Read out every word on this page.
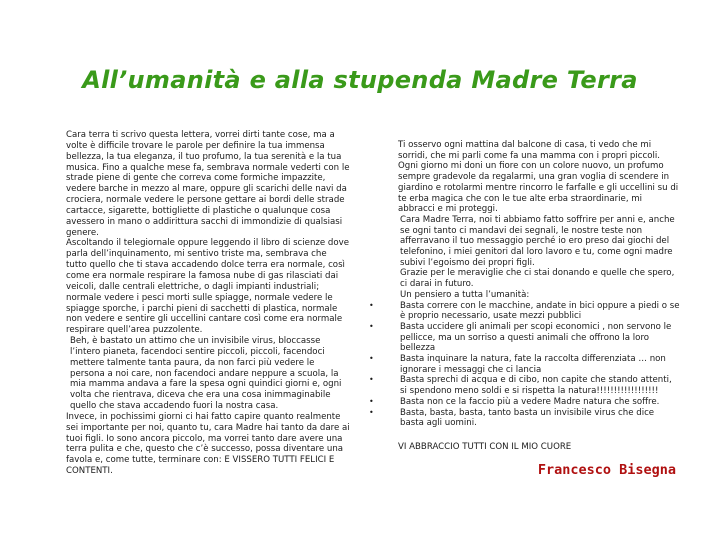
All’umanità e alla stupenda Madre Terra

Cara terra ti scrivo questa lettera, vorrei dirti tante cose, ma a volte è difficile trovare le parole per definire la tua immensa bellezza, la tua eleganza, il tuo profumo, la tua serenità e la tua musica. Fino a qualche mese fa, sembrava normale vederti con le strade piene di gente che correva come formiche impazzite, vedere barche in mezzo al mare, oppure gli scarichi delle navi da crociera, normale vedere le persone gettare ai bordi delle strade cartacce, sigarette, bottigliette di plastiche o qualunque cosa avessero in mano o addirittura sacchi di immondizie di qualsiasi genere.

Ascoltando il telegiornale oppure leggendo il libro di scienze dove parla dell’inquinamento, mi sentivo triste ma, sembrava che tutto quello che ti stava accadendo dolce terra era normale, così come era normale respirare la famosa nube di gas rilasciati dai veicoli, dalle centrali elettriche, o dagli impianti industriali; normale vedere i pesci morti sulle spiagge, normale vedere le spiagge sporche, i parchi pieni di sacchetti di plastica, normale non vedere e sentire gli uccellini cantare così come era normale respirare quell’area puzzolente.

Beh, è bastato un attimo che un invisibile virus, bloccasse l’intero pianeta, facendoci sentire piccoli, piccoli, facendoci mettere talmente tanta paura, da non farci più vedere le persona a noi care, non facendoci andare neppure a scuola, la mia mamma andava a fare la spesa ogni quindici giorni e, ogni volta che rientrava, diceva che era una cosa inimmaginabile quello che stava accadendo fuori la nostra casa.

Invece, in pochissimi giorni ci hai fatto capire quanto realmente sei importante per noi, quanto tu, cara Madre hai tanto da dare ai tuoi figli. Io sono ancora piccolo, ma vorrei tanto dare avere una terra pulita e che, questo che c’è successo, possa diventare una favola e, come tutte, terminare con: E VISSERO TUTTI FELICI E CONTENTI.

Ti osservo ogni mattina dal balcone di casa, ti vedo che mi sorridi, che mi parli come fa una mamma con i propri piccoli. Ogni giorno mi doni un fiore con un colore nuovo, un profumo sempre gradevole da regalarmi, una gran voglia di scendere in giardino e rotolarmi mentre rincorro le farfalle e gli uccellini su di te erba magica che con le tue alte erba straordinarie, mi abbracci e mi proteggi.

Cara Madre Terra, noi ti abbiamo fatto soffrire per anni e, anche se ogni tanto ci mandavi dei segnali, le nostre teste non afferravano il tuo messaggio perché io ero preso dai giochi del telefonino, i miei genitori dal loro lavoro e tu, come ogni madre subivi l’egoismo dei propri figli.

Grazie per le meraviglie che ci stai donando e quelle che spero, ci darai in futuro.

Un pensiero a tutta l’umanità:

•	Basta correre con le macchine, andate in bici oppure a piedi o se è proprio necessario, usate mezzi pubblici
•	Basta uccidere gli animali per scopi economici , non servono le pellicce, ma un sorriso a questi animali che offrono la loro bellezza
•	Basta inquinare la natura, fate la raccolta differenziata … non ignorare i messaggi che ci lancia
•	Basta sprechi di acqua e di cibo, non capite che stando attenti, si spendono meno soldi e si rispetta la natura!!!!!!!!!!!!!!!!!!
•	Basta non ce la faccio più a vedere Madre natura che soffre.
•	Basta, basta, basta, tanto basta un invisibile virus che dice basta agli uomini.

VI ABBRACCIO TUTTI CON IL MIO CUORE

Francesco Bisegna
